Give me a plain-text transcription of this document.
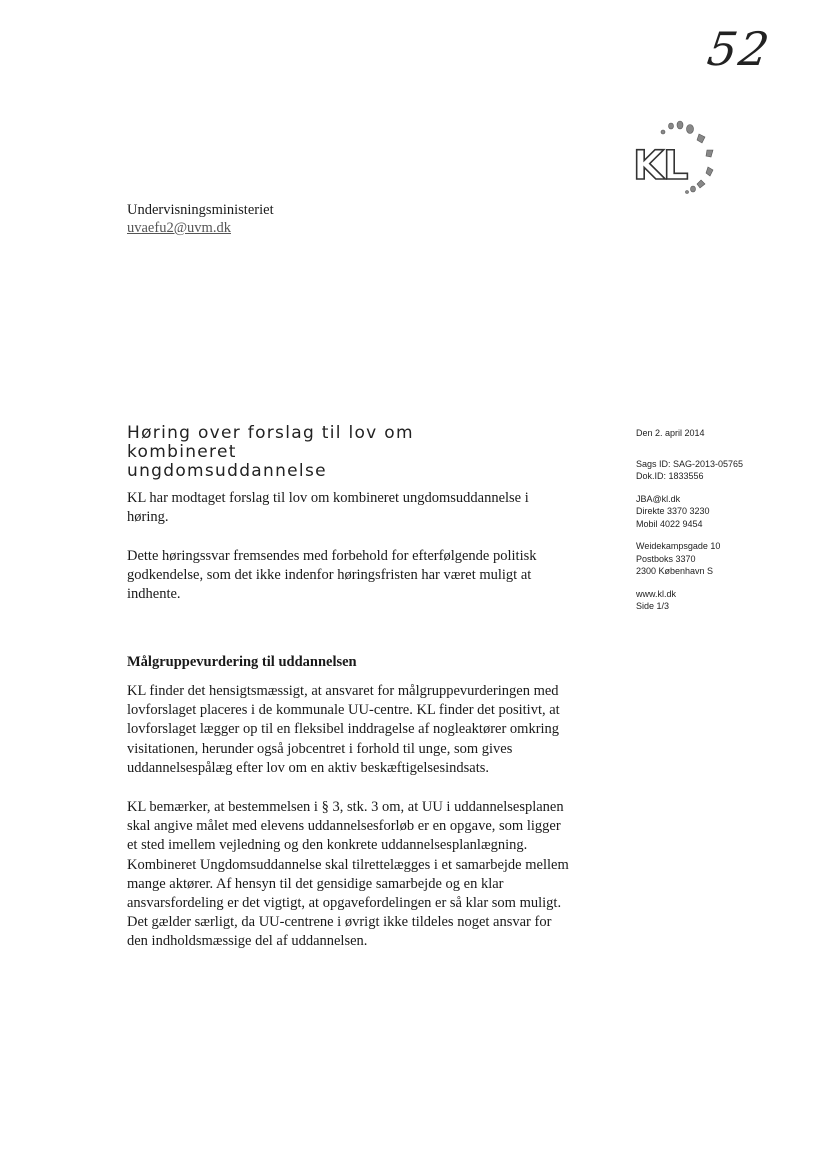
52
KL
Undervisningsministeriet
uvaefu2@uvm.dk
Høring over forslag til lov om kombineret
ungdomsuddannelse
Den 2. april 2014
Sags ID: SAG-2013-05765
Dok.ID: 1833556
JBA@kl.dk
Direkte 3370 3230
Mobil 4022 9454
Weidekampsgade 10
Postboks 3370
2300 København S
www.kl.dk
Side 1/3
KL har modtaget forslag til lov om kombineret ungdomsuddannelse i
høring.
Dette høringssvar fremsendes med forbehold for efterfølgende politisk
godkendelse, som det ikke indenfor høringsfristen har været muligt at
indhente.
Målgruppevurdering til uddannelsen
KL finder det hensigtsmæssigt, at ansvaret for målgruppevurderingen med
lovforslaget placeres i de kommunale UU-centre. KL finder det positivt, at
lovforslaget lægger op til en fleksibel inddragelse af nogleaktører omkring
visitationen, herunder også jobcentret i forhold til unge, som gives
uddannelsespålæg efter lov om en aktiv beskæftigelsesindsats.
KL bemærker, at bestemmelsen i § 3, stk. 3 om, at UU i uddannelsesplanen
skal angive målet med elevens uddannelsesforløb er en opgave, som ligger
et sted imellem vejledning og den konkrete uddannelsesplanlægning.
Kombineret Ungdomsuddannelse skal tilrettelægges i et samarbejde mellem
mange aktører. Af hensyn til det gensidige samarbejde og en klar
ansvarsfordeling er det vigtigt, at opgavefordelingen er så klar som muligt.
Det gælder særligt, da UU-centrene i øvrigt ikke tildeles noget ansvar for
den indholdsmæssige del af uddannelsen.
